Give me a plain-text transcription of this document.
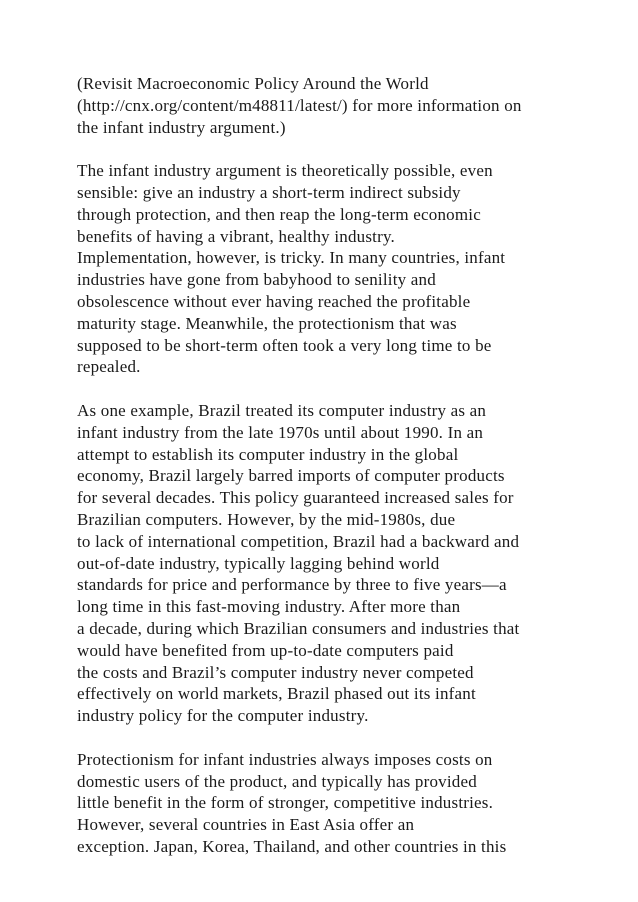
(Revisit Macroeconomic Policy Around the World
(http://cnx.org/content/m48811/latest/) for more information on
the infant industry argument.)

The infant industry argument is theoretically possible, even
sensible: give an industry a short-term indirect subsidy
through protection, and then reap the long-term economic
benefits of having a vibrant, healthy industry.
Implementation, however, is tricky. In many countries, infant
industries have gone from babyhood to senility and
obsolescence without ever having reached the profitable
maturity stage. Meanwhile, the protectionism that was
supposed to be short-term often took a very long time to be
repealed.

As one example, Brazil treated its computer industry as an
infant industry from the late 1970s until about 1990. In an
attempt to establish its computer industry in the global
economy, Brazil largely barred imports of computer products
for several decades. This policy guaranteed increased sales for
Brazilian computers. However, by the mid-1980s, due
to lack of international competition, Brazil had a backward and
out-of-date industry, typically lagging behind world
standards for price and performance by three to five years—a
long time in this fast-moving industry. After more than
a decade, during which Brazilian consumers and industries that
would have benefited from up-to-date computers paid
the costs and Brazil’s computer industry never competed
effectively on world markets, Brazil phased out its infant
industry policy for the computer industry.

Protectionism for infant industries always imposes costs on
domestic users of the product, and typically has provided
little benefit in the form of stronger, competitive industries.
However, several countries in East Asia offer an
exception. Japan, Korea, Thailand, and other countries in this
